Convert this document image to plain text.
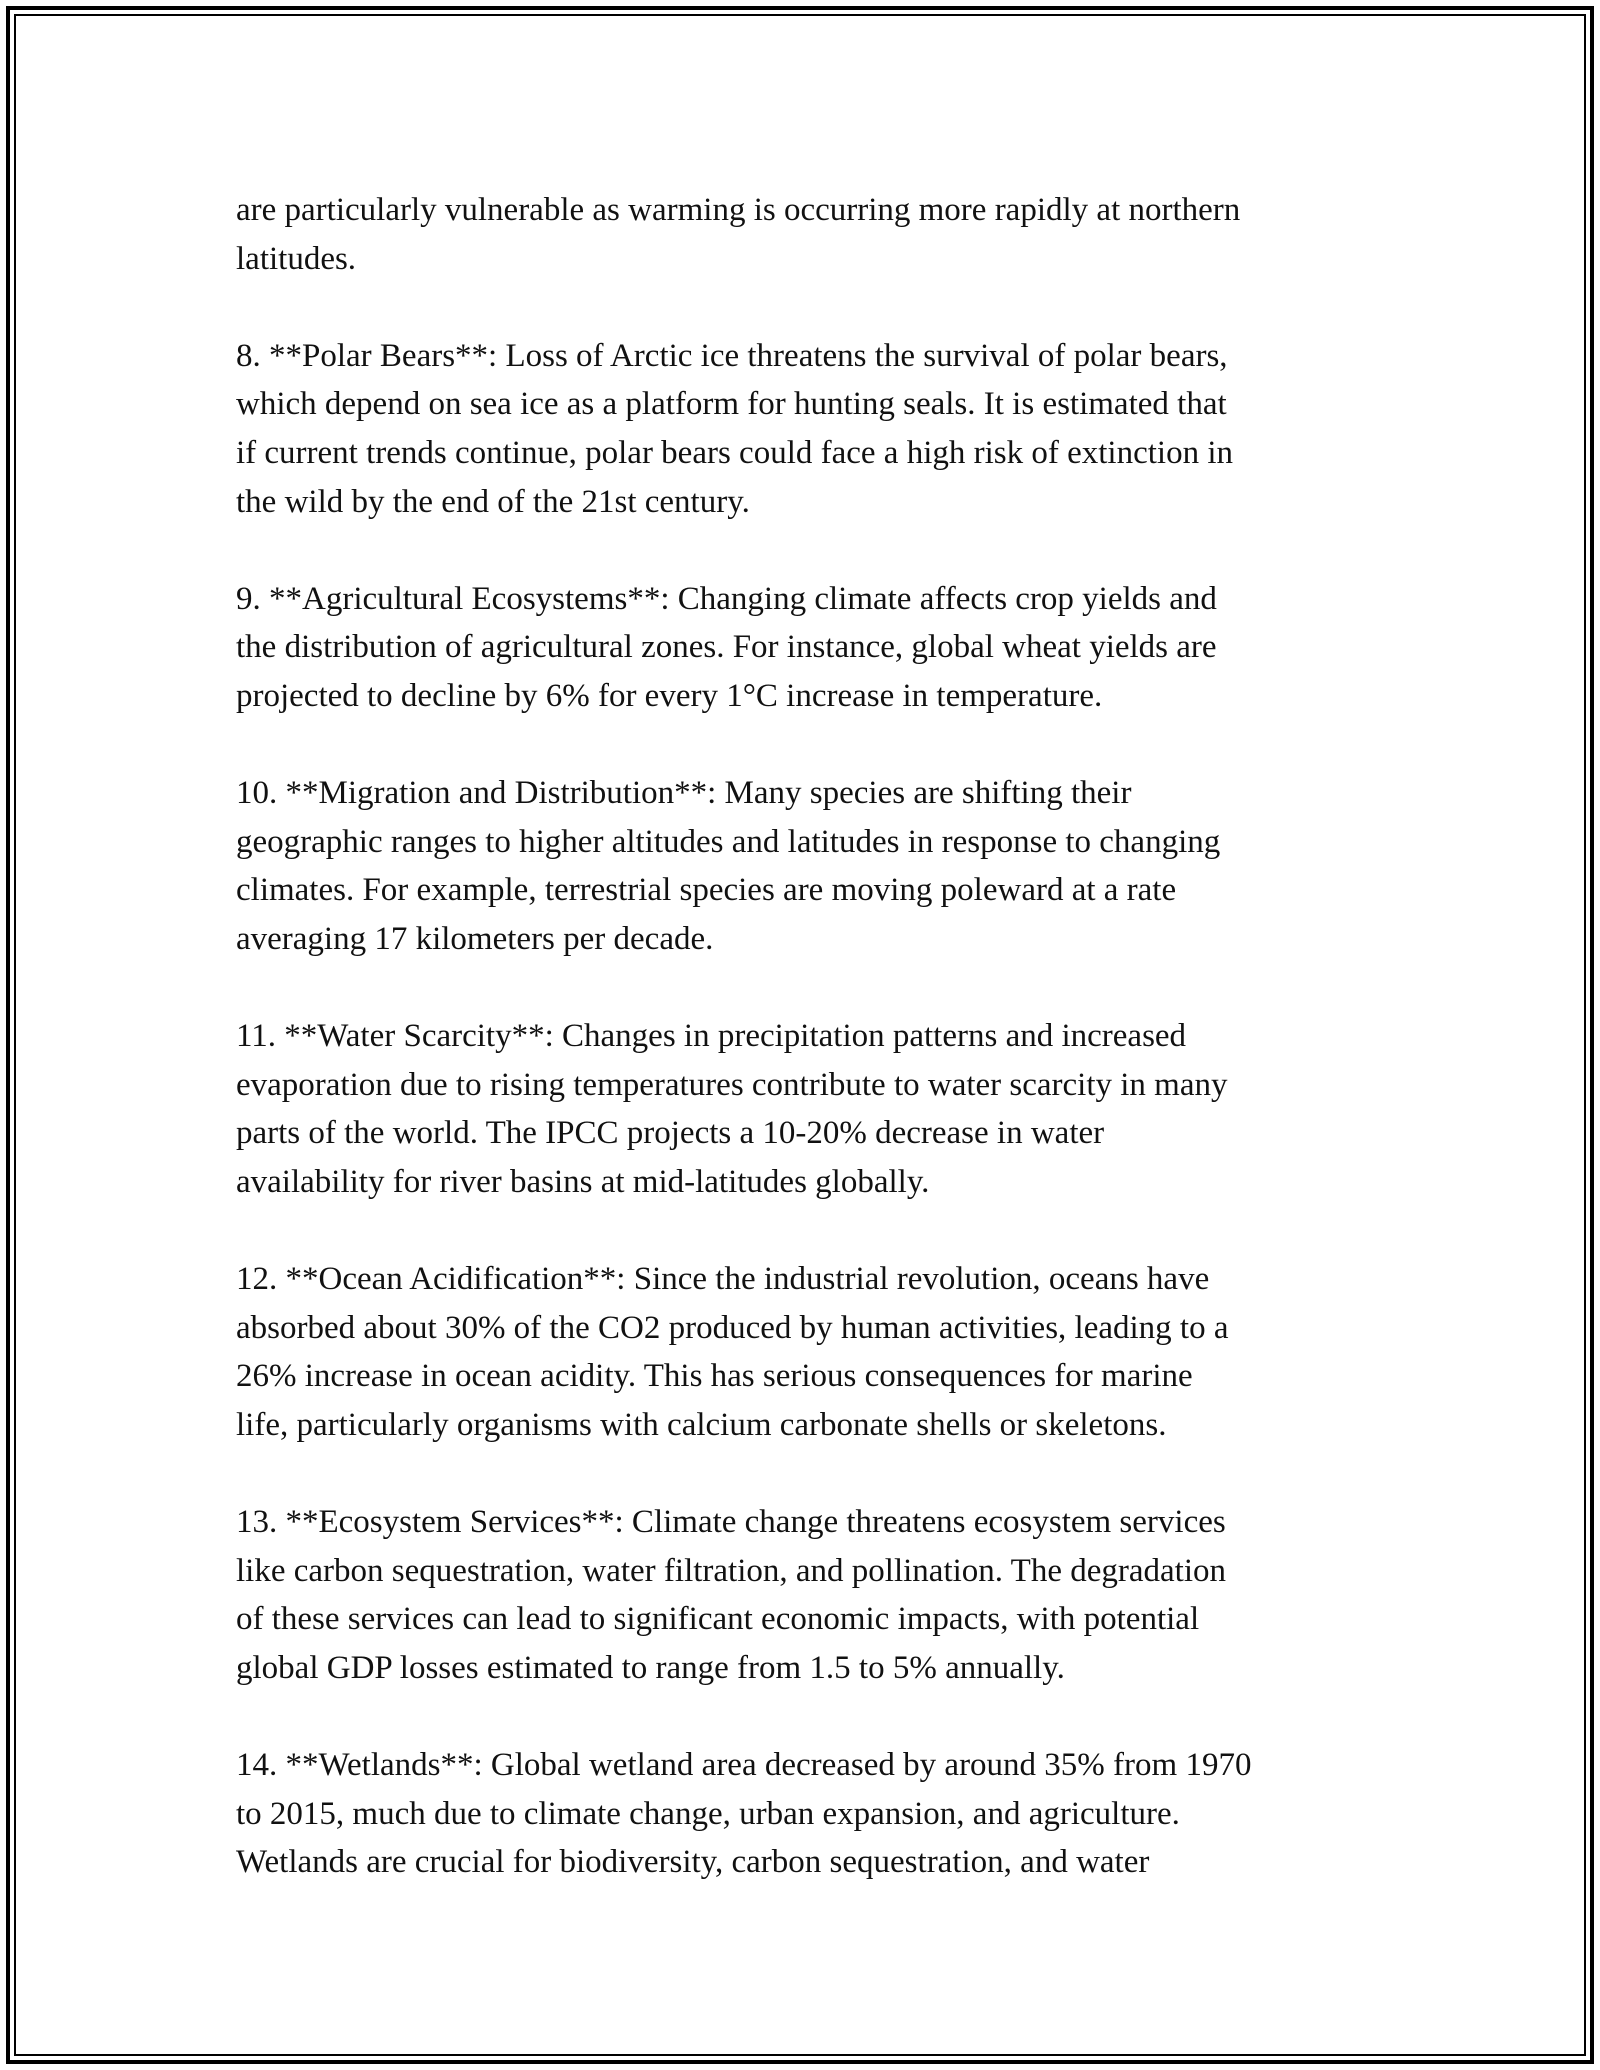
are particularly vulnerable as warming is occurring more rapidly at northern
latitudes.

8. **Polar Bears**: Loss of Arctic ice threatens the survival of polar bears,
which depend on sea ice as a platform for hunting seals. It is estimated that
if current trends continue, polar bears could face a high risk of extinction in
the wild by the end of the 21st century.

9. **Agricultural Ecosystems**: Changing climate affects crop yields and
the distribution of agricultural zones. For instance, global wheat yields are
projected to decline by 6% for every 1°C increase in temperature.

10. **Migration and Distribution**: Many species are shifting their
geographic ranges to higher altitudes and latitudes in response to changing
climates. For example, terrestrial species are moving poleward at a rate
averaging 17 kilometers per decade.

11. **Water Scarcity**: Changes in precipitation patterns and increased
evaporation due to rising temperatures contribute to water scarcity in many
parts of the world. The IPCC projects a 10-20% decrease in water
availability for river basins at mid-latitudes globally.

12. **Ocean Acidification**: Since the industrial revolution, oceans have
absorbed about 30% of the CO2 produced by human activities, leading to a
26% increase in ocean acidity. This has serious consequences for marine
life, particularly organisms with calcium carbonate shells or skeletons.

13. **Ecosystem Services**: Climate change threatens ecosystem services
like carbon sequestration, water filtration, and pollination. The degradation
of these services can lead to significant economic impacts, with potential
global GDP losses estimated to range from 1.5 to 5% annually.

14. **Wetlands**: Global wetland area decreased by around 35% from 1970
to 2015, much due to climate change, urban expansion, and agriculture.
Wetlands are crucial for biodiversity, carbon sequestration, and water
